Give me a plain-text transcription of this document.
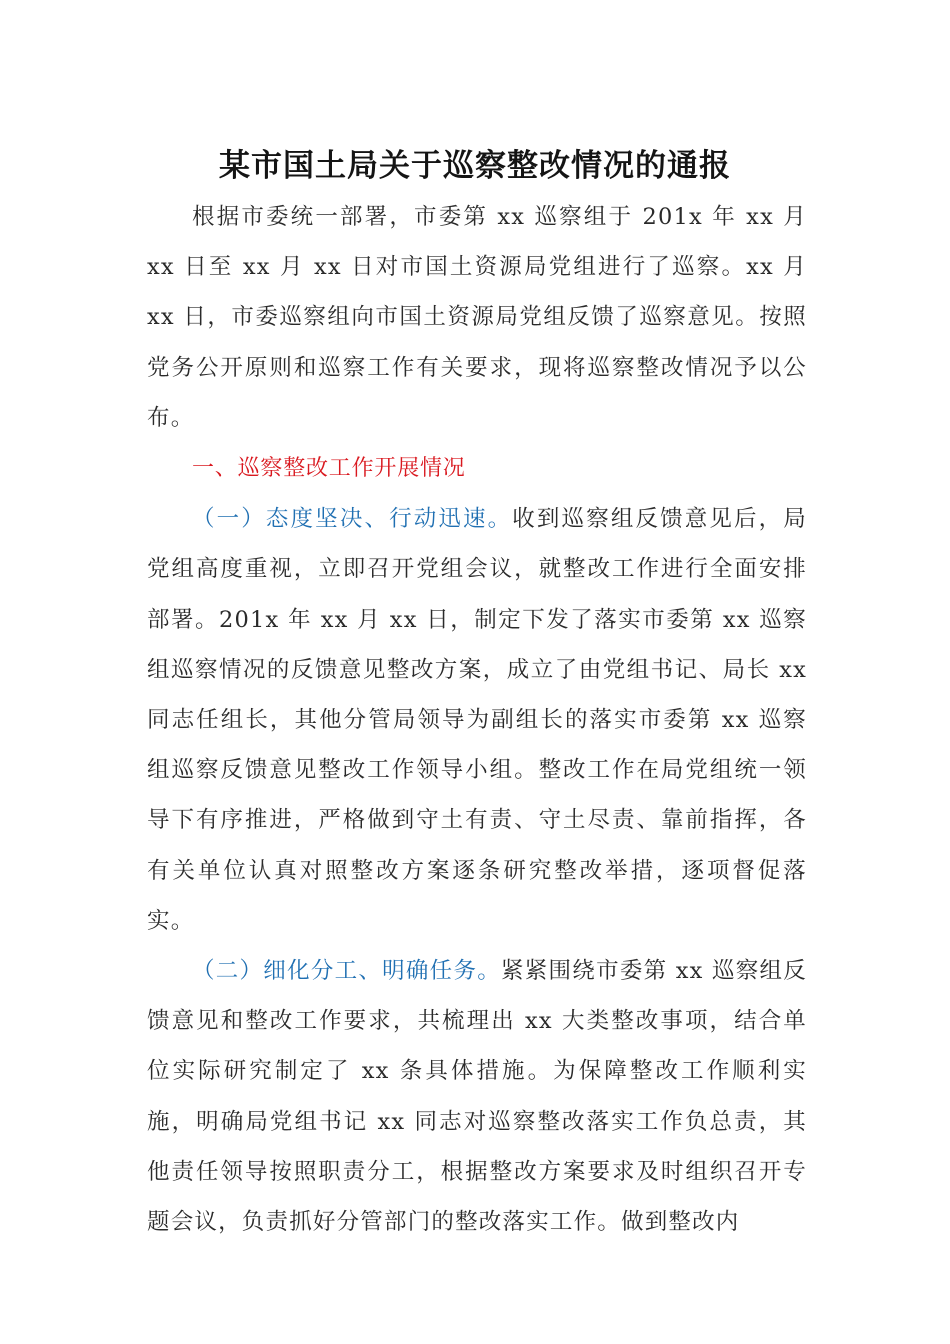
某市国土局关于巡察整改情况的通报

根据市委统一部署，市委第 xx 巡察组于 201x 年 xx 月 xx 日至 xx 月 xx 日对市国土资源局党组进行了巡察。xx 月 xx 日，市委巡察组向市国土资源局党组反馈了巡察意见。按照党务公开原则和巡察工作有关要求，现将巡察整改情况予以公布。

一、巡察整改工作开展情况

（一）态度坚决、行动迅速。收到巡察组反馈意见后，局党组高度重视，立即召开党组会议，就整改工作进行全面安排部署。201x 年 xx 月 xx 日，制定下发了落实市委第 xx 巡察组巡察情况的反馈意见整改方案，成立了由党组书记、局长 xx 同志任组长，其他分管局领导为副组长的落实市委第 xx 巡察组巡察反馈意见整改工作领导小组。整改工作在局党组统一领导下有序推进，严格做到守土有责、守土尽责、靠前指挥，各有关单位认真对照整改方案逐条研究整改举措，逐项督促落实。

（二）细化分工、明确任务。紧紧围绕市委第 xx 巡察组反馈意见和整改工作要求，共梳理出 xx 大类整改事项，结合单位实际研究制定了 xx 条具体措施。为保障整改工作顺利实施，明确局党组书记 xx 同志对巡察整改落实工作负总责，其他责任领导按照职责分工，根据整改方案要求及时组织召开专题会议，负责抓好分管部门的整改落实工作。做到整改内
